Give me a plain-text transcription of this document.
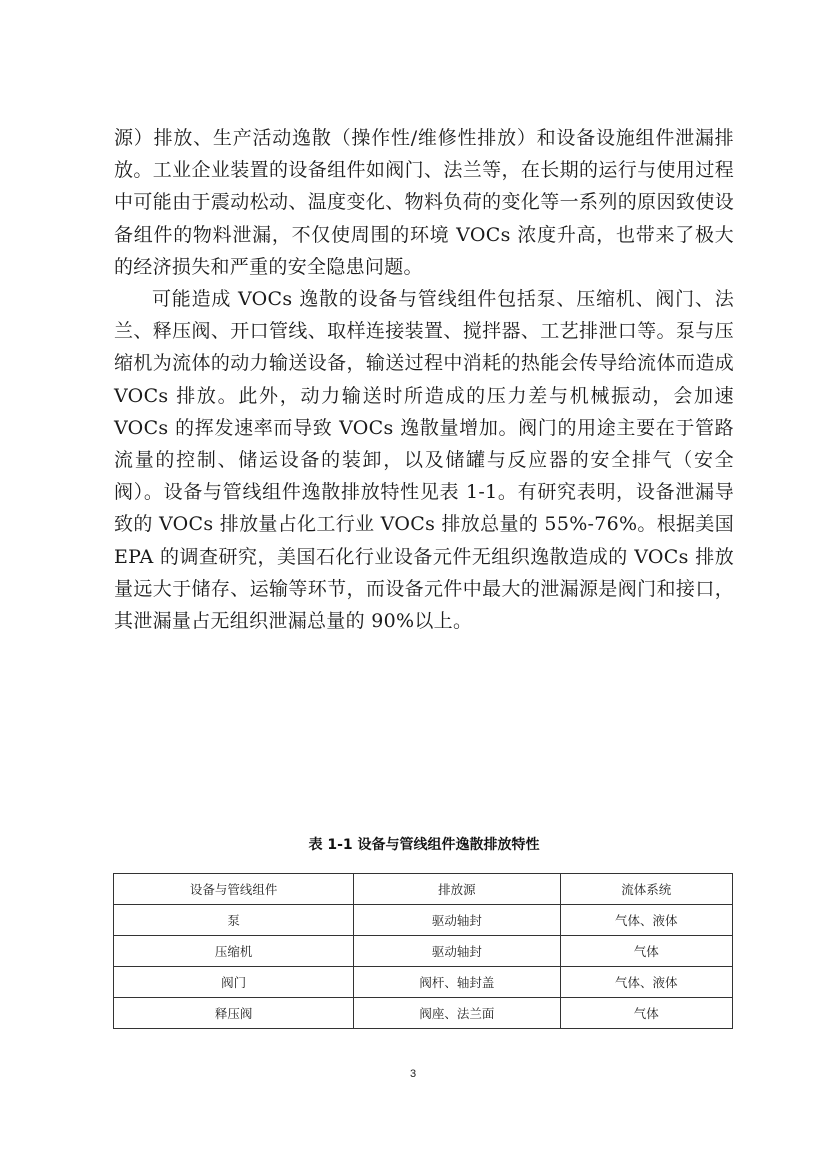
源）排放、生产活动逸散（操作性/维修性排放）和设备设施组件泄漏排放。工业企业装置的设备组件如阀门、法兰等，在长期的运行与使用过程中可能由于震动松动、温度变化、物料负荷的变化等一系列的原因致使设备组件的物料泄漏，不仅使周围的环境 VOCs 浓度升高，也带来了极大的经济损失和严重的安全隐患问题。

可能造成 VOCs 逸散的设备与管线组件包括泵、压缩机、阀门、法兰、释压阀、开口管线、取样连接装置、搅拌器、工艺排泄口等。泵与压缩机为流体的动力输送设备，输送过程中消耗的热能会传导给流体而造成 VOCs 排放。此外，动力输送时所造成的压力差与机械振动，会加速 VOCs 的挥发速率而导致 VOCs 逸散量增加。阀门的用途主要在于管路流量的控制、储运设备的装卸，以及储罐与反应器的安全排气（安全阀）。设备与管线组件逸散排放特性见表 1-1。有研究表明，设备泄漏导致的 VOCs 排放量占化工行业 VOCs 排放总量的 55%-76%。根据美国 EPA 的调查研究，美国石化行业设备元件无组织逸散造成的 VOCs 排放量远大于储存、运输等环节，而设备元件中最大的泄漏源是阀门和接口，其泄漏量占无组织泄漏总量的 90%以上。

表 1-1 设备与管线组件逸散排放特性
设备与管线组件	排放源	流体系统
泵	驱动轴封	气体、液体
压缩机	驱动轴封	气体
阀门	阀杆、轴封盖	气体、液体
释压阀	阀座、法兰面	气体
3
